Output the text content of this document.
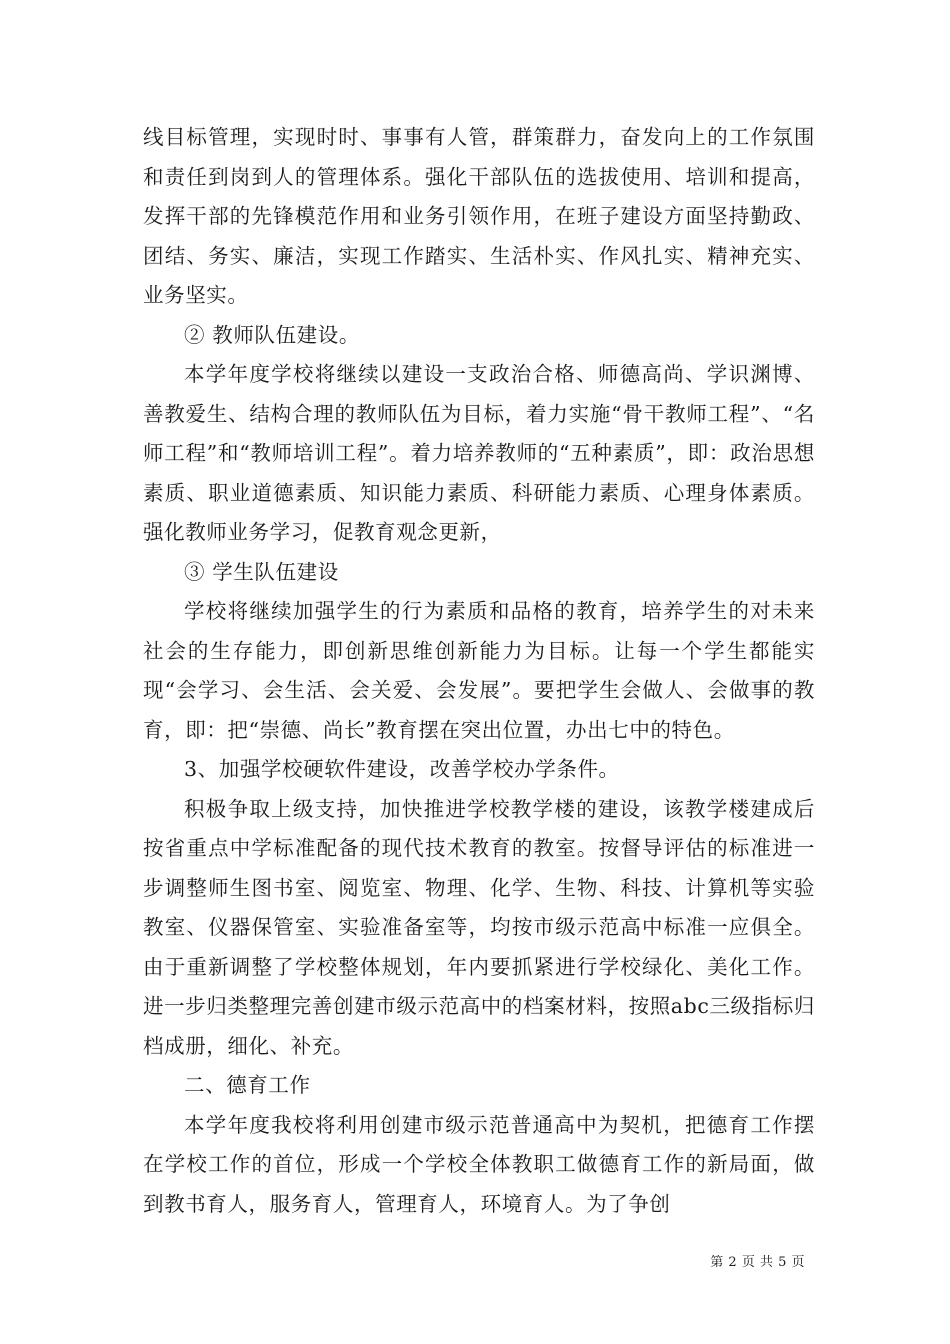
线目标管理，实现时时、事事有人管，群策群力，奋发向上的工作氛围和责任到岗到人的管理体系。强化干部队伍的选拔使用、培训和提高，发挥干部的先锋模范作用和业务引领作用，在班子建设方面坚持勤政、团结、务实、廉洁，实现工作踏实、生活朴实、作风扎实、精神充实、业务坚实。

② 教师队伍建设。

本学年度学校将继续以建设一支政治合格、师德高尚、学识渊博、善教爱生、结构合理的教师队伍为目标，着力实施“骨干教师工程”、“名师工程”和“教师培训工程”。着力培养教师的“五种素质”，即：政治思想素质、职业道德素质、知识能力素质、科研能力素质、心理身体素质。强化教师业务学习，促教育观念更新，

③ 学生队伍建设

学校将继续加强学生的行为素质和品格的教育，培养学生的对未来社会的生存能力，即创新思维创新能力为目标。让每一个学生都能实现“会学习、会生活、会关爱、会发展”。要把学生会做人、会做事的教育，即：把“崇德、尚长”教育摆在突出位置，办出七中的特色。

3、加强学校硬软件建设，改善学校办学条件。

积极争取上级支持，加快推进学校教学楼的建设，该教学楼建成后按省重点中学标准配备的现代技术教育的教室。按督导评估的标准进一步调整师生图书室、阅览室、物理、化学、生物、科技、计算机等实验教室、仪器保管室、实验准备室等，均按市级示范高中标准一应俱全。由于重新调整了学校整体规划，年内要抓紧进行学校绿化、美化工作。进一步归类整理完善创建市级示范高中的档案材料，按照abc三级指标归档成册，细化、补充。

二、德育工作

本学年度我校将利用创建市级示范普通高中为契机，把德育工作摆在学校工作的首位，形成一个学校全体教职工做德育工作的新局面，做到教书育人，服务育人，管理育人，环境育人。为了争创

第 2 页 共 5 页
